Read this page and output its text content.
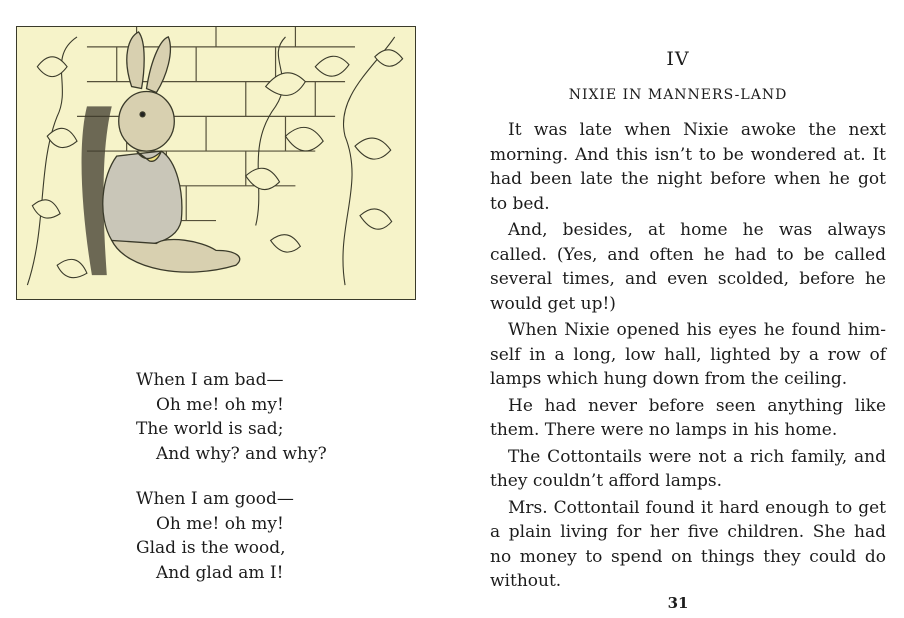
When I am bad—
Oh me! oh my!
The world is sad;
And why? and why?
When I am good—
Oh me! oh my!
Glad is the wood,
And glad am I!
IV
NIXIE IN MANNERS-LAND

It was late when Nixie awoke the next morning. And this isn’t to be wondered at. It had been late the night before when he got to bed.

And, besides, at home he was always called. (Yes, and often he had to be called several times, and even scolded, before he would get up!)

When Nixie opened his eyes he found him-self in a long, low hall, lighted by a row of lamps which hung down from the ceiling.

He had never before seen anything like them. There were no lamps in his home.

The Cottontails were not a rich family, and they couldn’t afford lamps.

Mrs. Cottontail found it hard enough to get a plain living for her five children. She had no money to spend on things they could do without.

31
